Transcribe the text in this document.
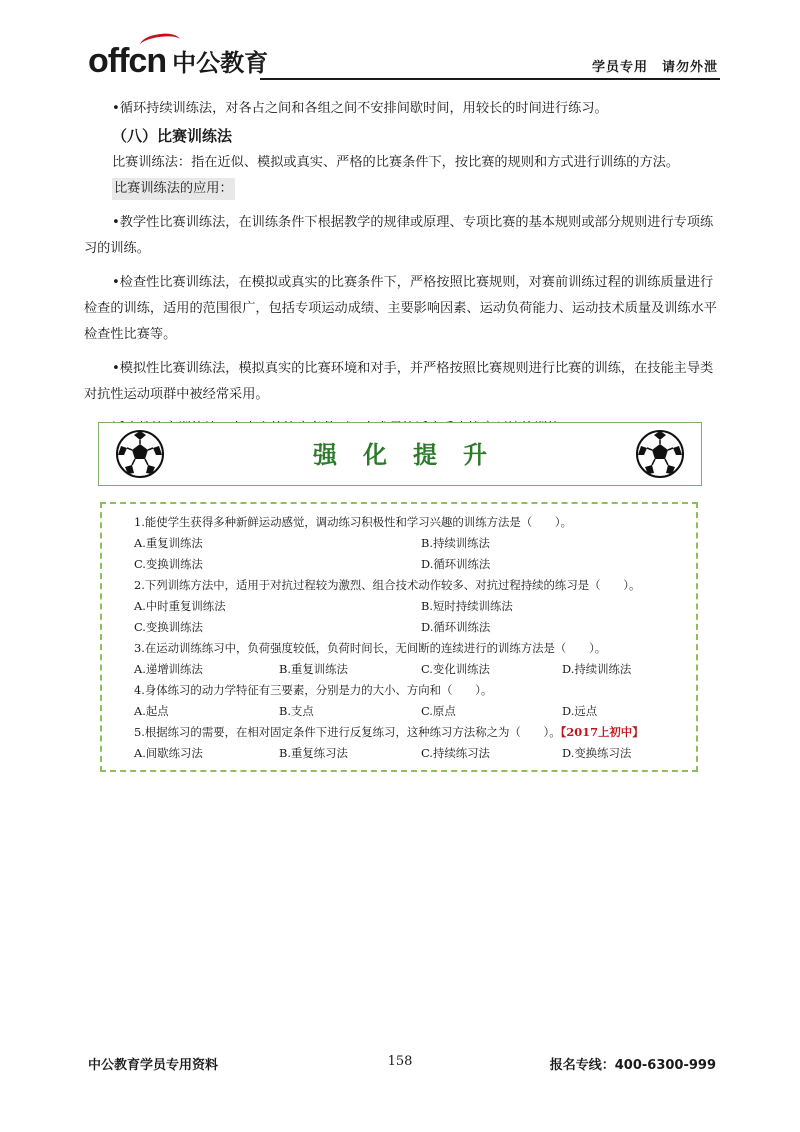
offcn 中公教育	学员专用　请勿外泄

•循环持续训练法，对各占之间和各组之间不安排间歇时间，用较长的时间进行练习。

（八）比赛训练法

比赛训练法：指在近似、模拟或真实、严格的比赛条件下，按比赛的规则和方式进行训练的方法。

比赛训练法的应用：

•教学性比赛训练法，在训练条件下根据教学的规律或原理、专项比赛的基本规则或部分规则进行专项练习的训练。

•检查性比赛训练法，在模拟或真实的比赛条件下，严格按照比赛规则，对赛前训练过程的训练质量进行检查的训练，适用的范围很广，包括专项运动成绩、主要影响因素、运动负荷能力、运动技术质量及训练水平检查性比赛等。

•模拟性比赛训练法，模拟真实的比赛环境和对手，并严格按照比赛规则进行比赛的训练，在技能主导类对抗性运动项群中被经常采用。

强化提升
1.能使学生获得多种新鲜运动感觉，调动练习积极性和学习兴趣的训练方法是（　　）。
A.重复训练法	B.持续训练法
C.变换训练法	D.循环训练法
2.下列训练方法中，适用于对抗过程较为激烈、组合技术动作较多、对抗过程持续的练习是（　　）。
A.中时重复训练法	B.短时持续训练法
C.变换训练法	D.循环训练法
3.在运动训练练习中，负荷强度较低，负荷时间长，无间断的连续进行的训练方法是（　　）。
A.递增训练法	B.重复训练法	C.变化训练法	D.持续训练法
4.身体练习的动力学特征有三要素，分别是力的大小、方向和（　　）。
A.起点	B.支点	C.原点	D.远点
5.根据练习的需要，在相对固定条件下进行反复练习，这种练习方法称之为（　　）。【2017上初中】
A.间歇练习法	B.重复练习法	C.持续练习法	D.变换练习法
中公教育学员专用资料	158	报名专线：400-6300-999
